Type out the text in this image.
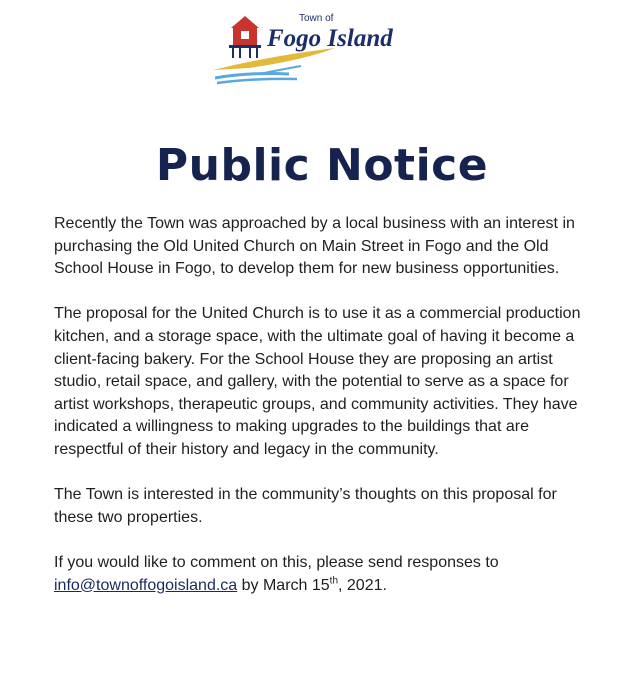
Town of
Fogo Island
Public Notice

Recently the Town was approached by a local business with an interest in purchasing the Old United Church on Main Street in Fogo and the Old School House in Fogo, to develop them for new business opportunities.

The proposal for the United Church is to use it as a commercial production kitchen, and a storage space, with the ultimate goal of having it become a client-facing bakery. For the School House they are proposing an artist studio, retail space, and gallery, with the potential to serve as a space for artist workshops, therapeutic groups, and community activities. They have indicated a willingness to making upgrades to the buildings that are respectful of their history and legacy in the community.

The Town is interested in the community’s thoughts on this proposal for these two properties.

If you would like to comment on this, please send responses to
info@townoffogoisland.ca by March 15th, 2021.
